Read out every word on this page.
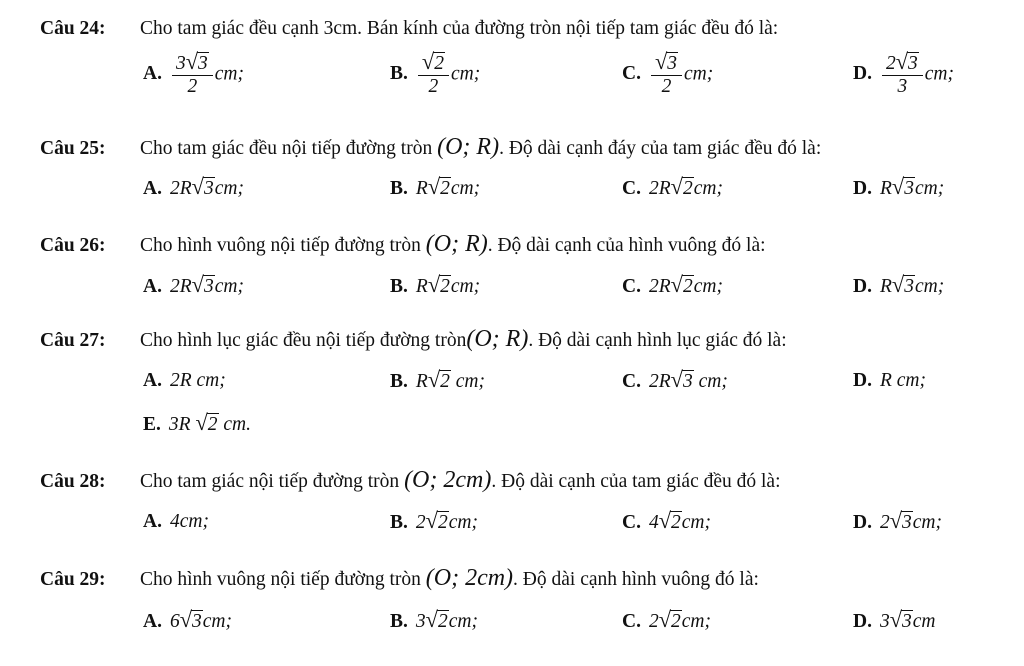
Câu 24: Cho tam giác đều cạnh 3cm. Bán kính của đường tròn nội tiếp tam giác đều đó là:
A. $\frac{3 √ 3}{2}$ cm;	B. $\frac{√ 2}{2}$ cm;	C. $\frac{√ 3}{2}$ cm;	D. $\frac{2 √ 3}{3}$ cm;
Câu 25: Cho tam giác đều nội tiếp đường tròn (O; R). Độ dài cạnh đáy của tam giác đều đó là:
A. 2R √ 3 cm;	B. R √ 2 cm;	C. 2R √ 2 cm;	D. R √ 3 cm;
Câu 26: Cho hình vuông nội tiếp đường tròn (O; R). Độ dài cạnh của hình vuông đó là:
A. 2R √ 3 cm;	B. R √ 2 cm;	C. 2R √ 2 cm;	D. R √ 3 cm;
Câu 27: Cho hình lục giác đều nội tiếp đường tròn(O; R). Độ dài cạnh hình lục giác đó là:
A. 2R cm;	B. R √ 2 cm;	C. 2R √ 3 cm;	D. R cm;
E. 3R √ 2 cm.
Câu 28: Cho tam giác nội tiếp đường tròn (O; 2cm). Độ dài cạnh của tam giác đều đó là:
A. 4cm;	B. 2 √ 2 cm;	C. 4 √ 2 cm;	D. 2 √ 3 cm;
Câu 29: Cho hình vuông nội tiếp đường tròn (O; 2cm). Độ dài cạnh hình vuông đó là:
A. 6 √ 3 cm;	B. 3 √ 2 cm;	C. 2 √ 2 cm;	D. 3 √ 3 cm
